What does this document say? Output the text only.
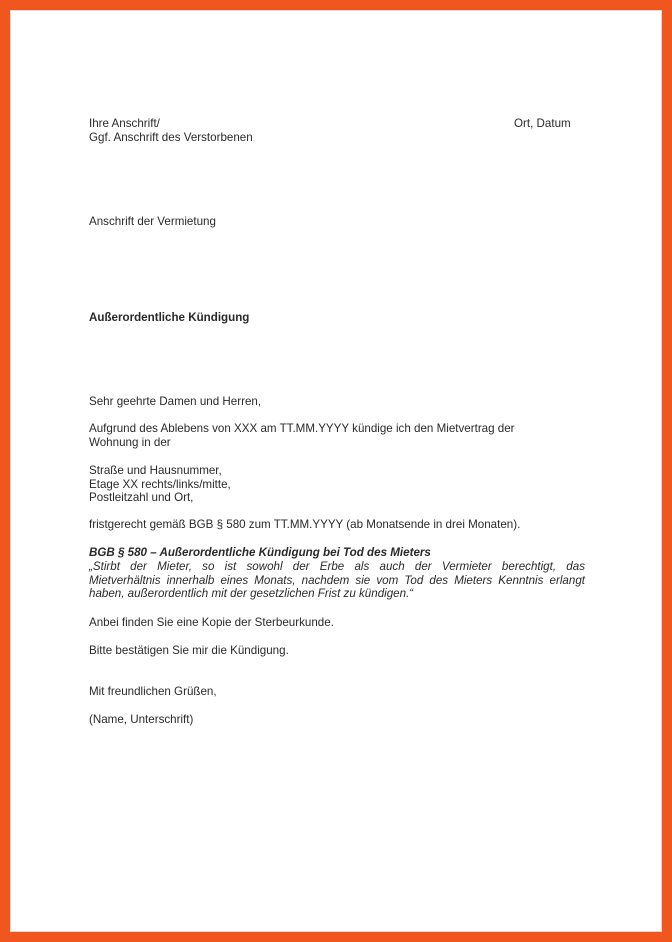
Ihre Anschrift/
Ggf. Anschrift des Verstorbenen
Ort, Datum
Anschrift der Vermietung
Außerordentliche Kündigung
Sehr geehrte Damen und Herren,
Aufgrund des Ablebens von XXX am TT.MM.YYYY kündige ich den Mietvertrag der
Wohnung in der
Straße und Hausnummer,
Etage XX rechts/links/mitte,
Postleitzahl und Ort,
fristgerecht gemäß BGB § 580 zum TT.MM.YYYY (ab Monatsende in drei Monaten).
BGB § 580 – Außerordentliche Kündigung bei Tod des Mieters
„Stirbt der Mieter, so ist sowohl der Erbe als auch der Vermieter berechtigt, das
Mietverhältnis innerhalb eines Monats, nachdem sie vom Tod des Mieters Kenntnis erlangt
haben, außerordentlich mit der gesetzlichen Frist zu kündigen.“
Anbei finden Sie eine Kopie der Sterbeurkunde.
Bitte bestätigen Sie mir die Kündigung.
Mit freundlichen Grüßen,
(Name, Unterschrift)
